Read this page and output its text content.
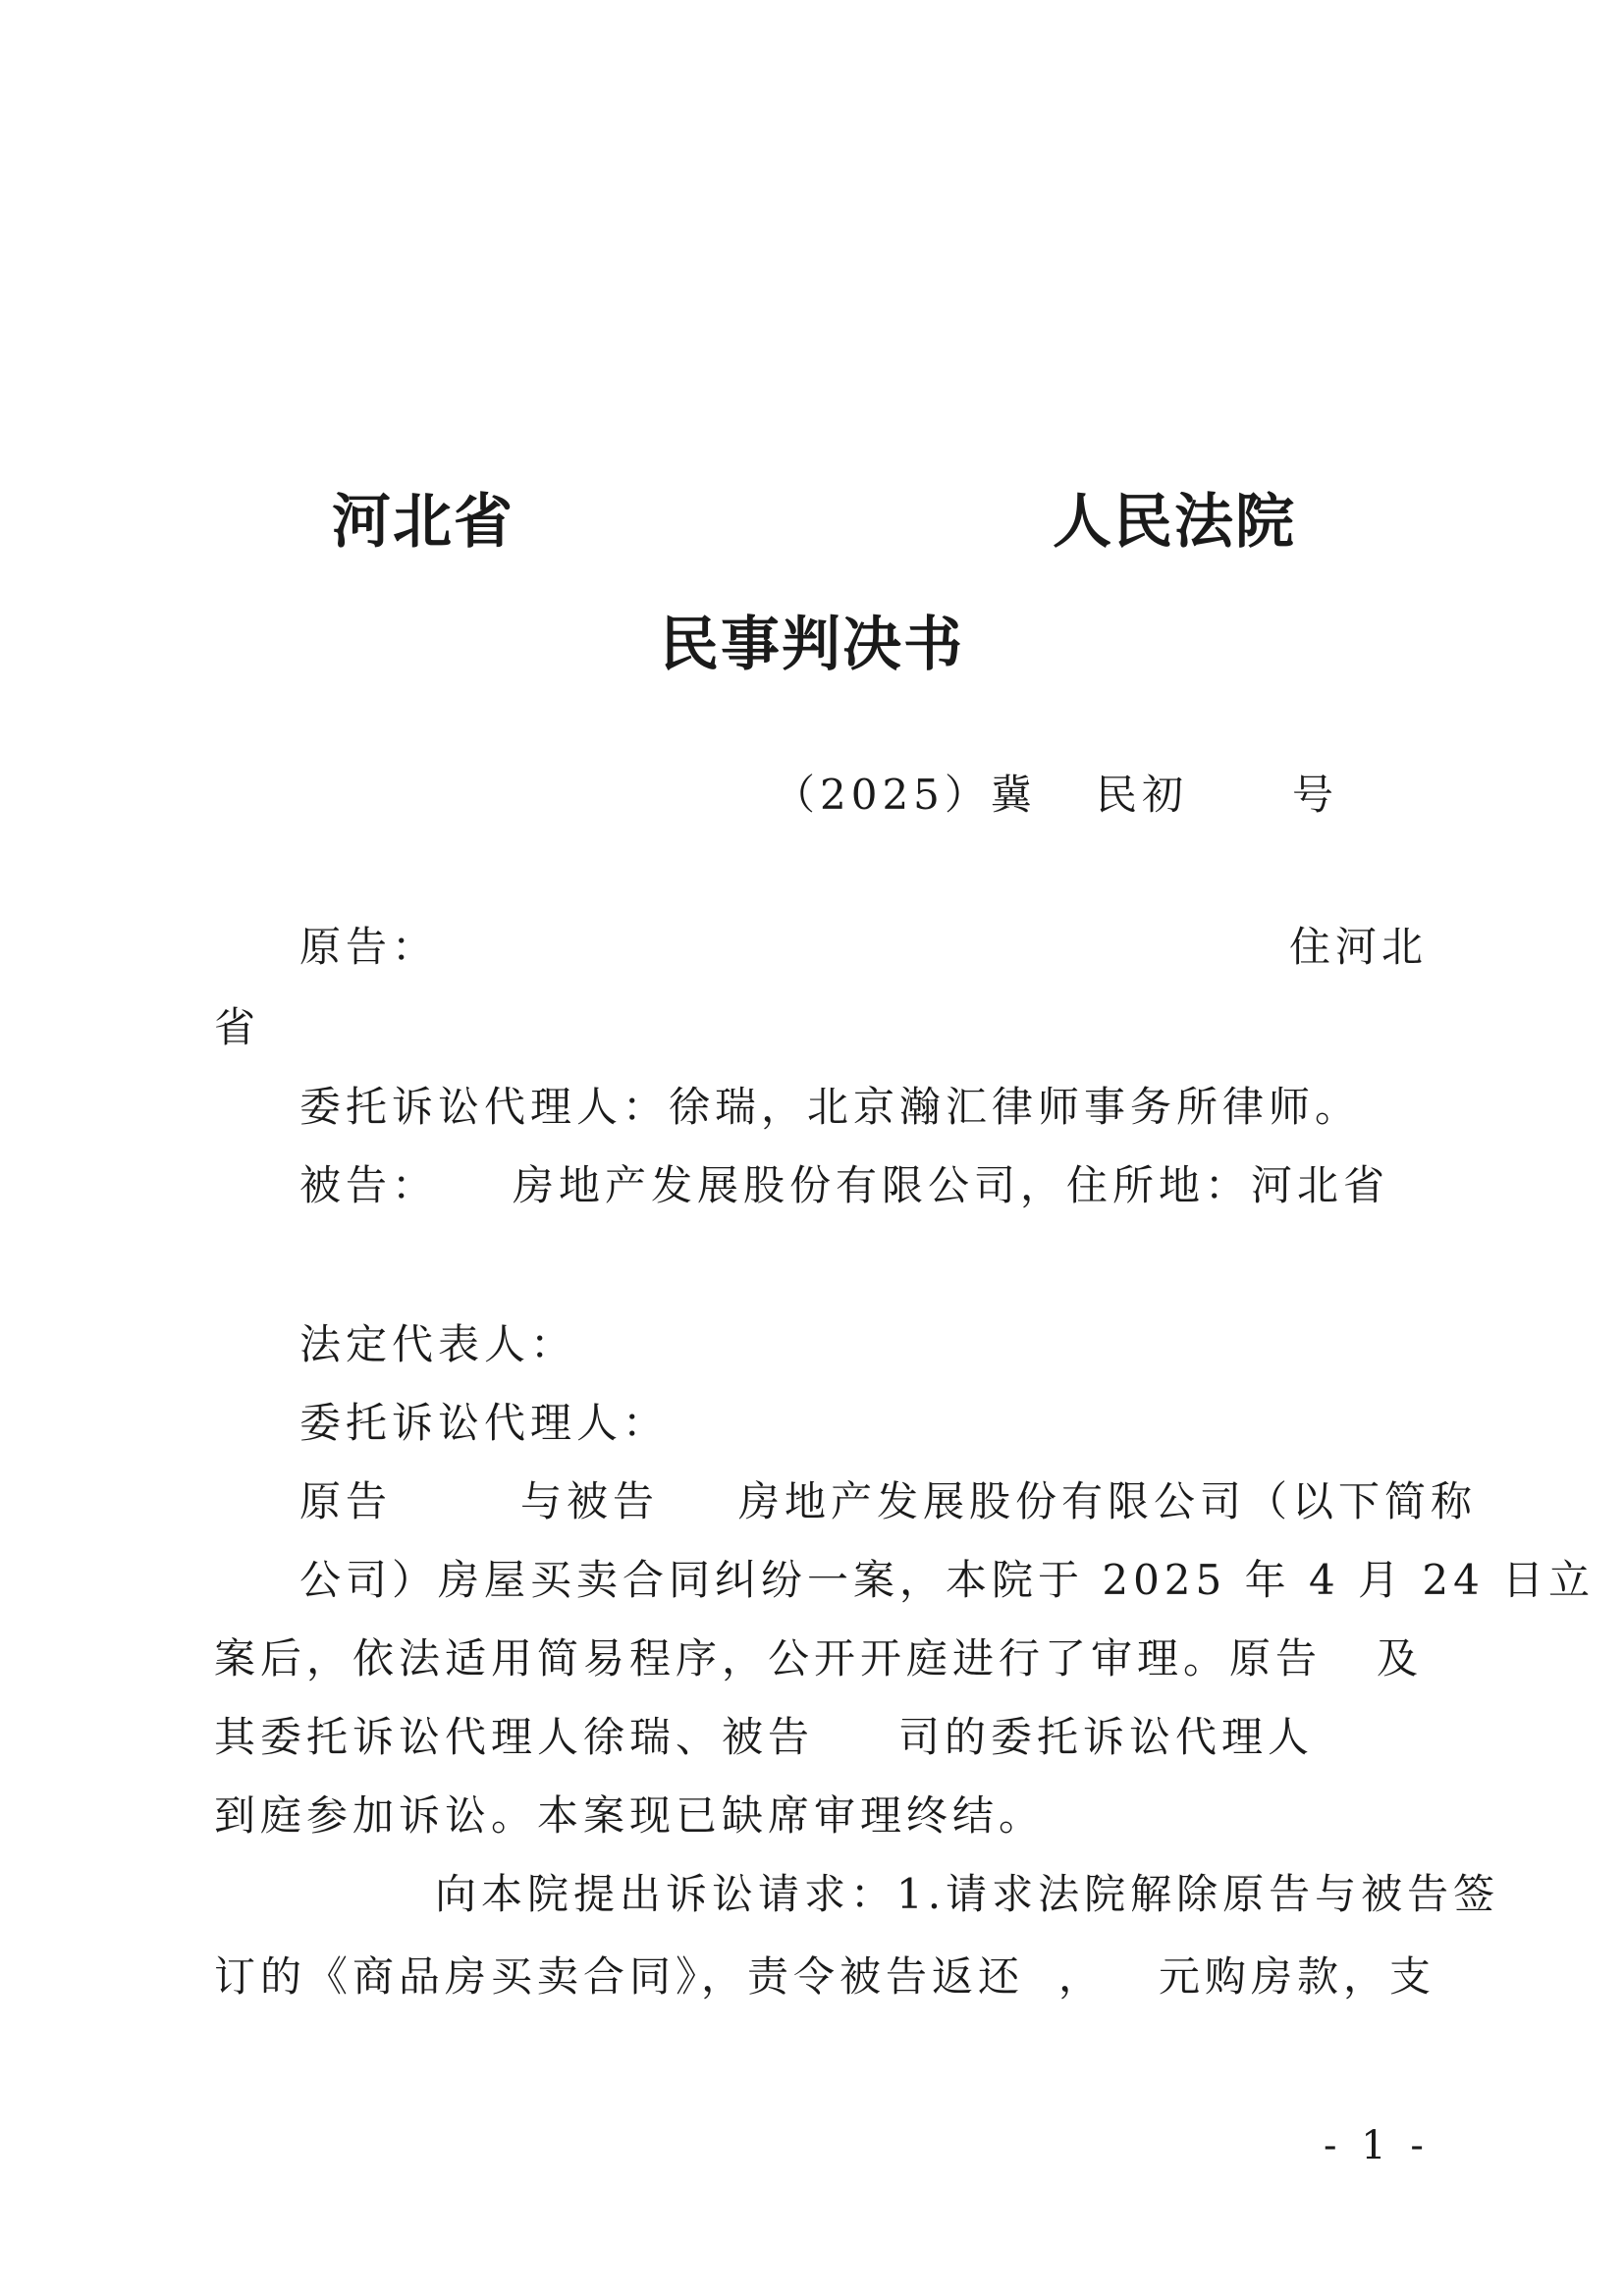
河北省	人民法院
民事判决书
（2025）冀 民初	号
原告：	住河北
省
委托诉讼代理人：徐瑞，北京瀚汇律师事务所律师。
被告： 房地产发展股份有限公司，住所地：河北省
法定代表人：
委托诉讼代理人：
原告	与被告 房地产发展股份有限公司（以下简称
公司）房屋买卖合同纠纷一案，本院于 2025 年 4 月 24 日立
案后，依法适用简易程序，公开开庭进行了审理。原告 及
其委托诉讼代理人徐瑞、被告 司的委托诉讼代理人
到庭参加诉讼。本案现已缺席审理终结。
向本院提出诉讼请求：1.请求法院解除原告与被告签
订的《商品房买卖合同》，责令被告返还 ， 元购房款，支
- 1 -
